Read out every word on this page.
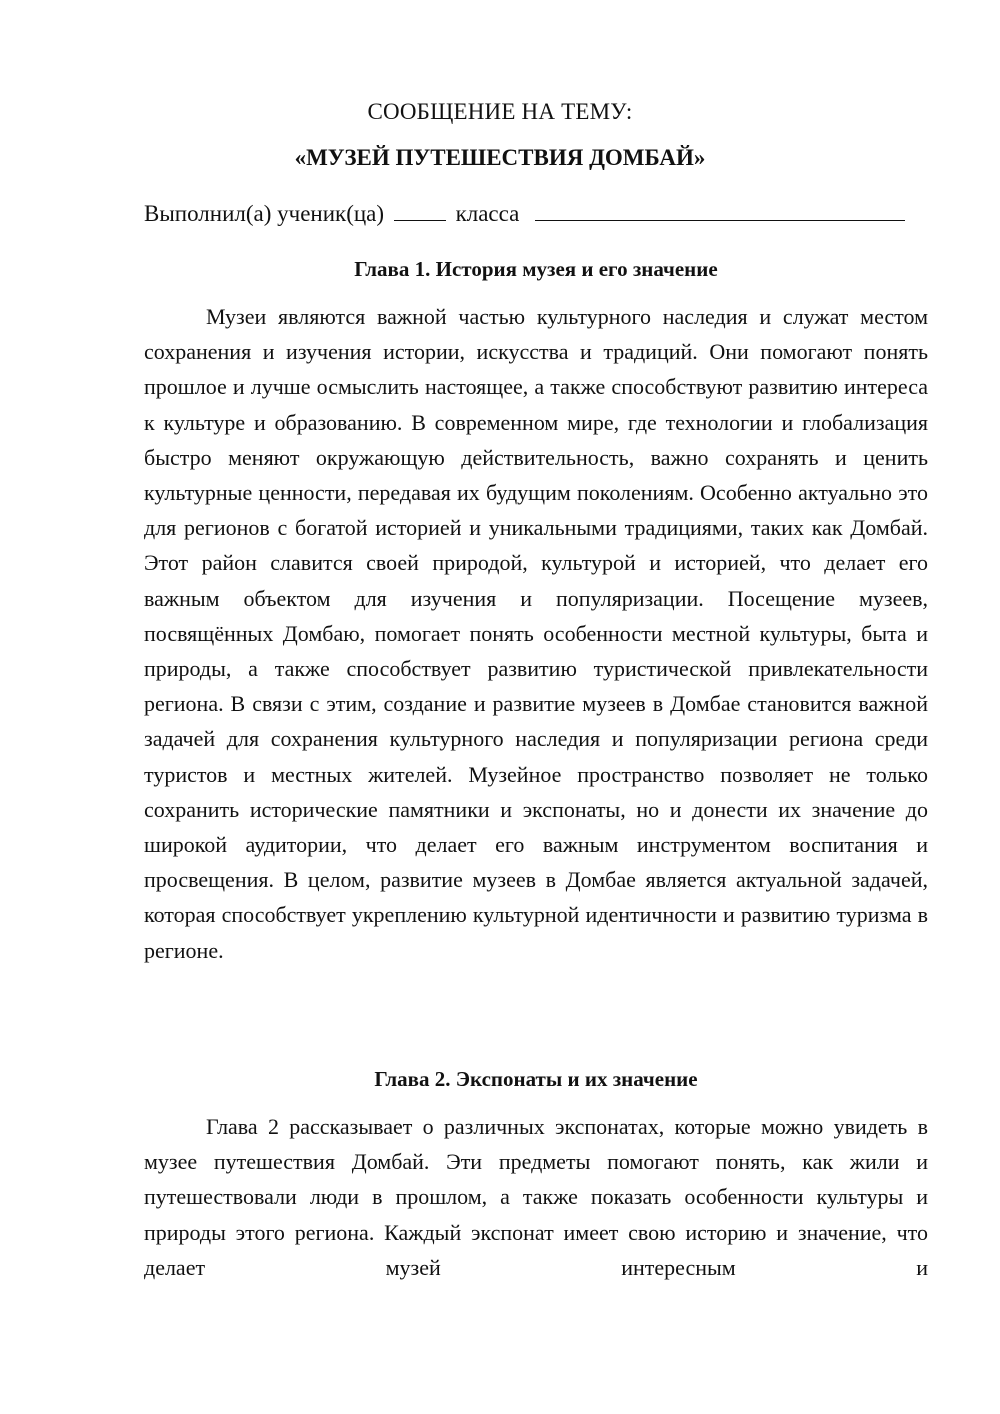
СООБЩЕНИЕ НА ТЕМУ:
«МУЗЕЙ ПУТЕШЕСТВИЯ ДОМБАЙ»
Выполнил(а) ученик(ца)	класса
Глава 1. История музея и его значение

Музеи являются важной частью культурного наследия и служат местом сохранения и изучения истории, искусства и традиций. Они помогают понять прошлое и лучше осмыслить настоящее, а также способствуют развитию интереса к культуре и образованию. В современном мире, где технологии и глобализация быстро меняют окружающую действительность, важно сохранять и ценить культурные ценности, передавая их будущим поколениям. Особенно актуально это для регионов с богатой историей и уникальными традициями, таких как Домбай. Этот район славится своей природой, культурой и историей, что делает его важным объектом для изучения и популяризации. Посещение музеев, посвящённых Домбаю, помогает понять особенности местной культуры, быта и природы, а также способствует развитию туристической привлекательности региона. В связи с этим, создание и развитие музеев в Домбае становится важной задачей для сохранения культурного наследия и популяризации региона среди туристов и местных жителей. Музейное пространство позволяет не только сохранить исторические памятники и экспонаты, но и донести их значение до широкой аудитории, что делает его важным инструментом воспитания и просвещения. В целом, развитие музеев в Домбае является актуальной задачей, которая способствует укреплению культурной идентичности и развитию туризма в регионе.

Глава 2. Экспонаты и их значение

Глава 2 рассказывает о различных экспонатах, которые можно увидеть в музее путешествия Домбай. Эти предметы помогают понять, как жили и путешествовали люди в прошлом, а также показать особенности культуры и природы этого региона. Каждый экспонат имеет свою историю и значение, что делает музей интересным и
